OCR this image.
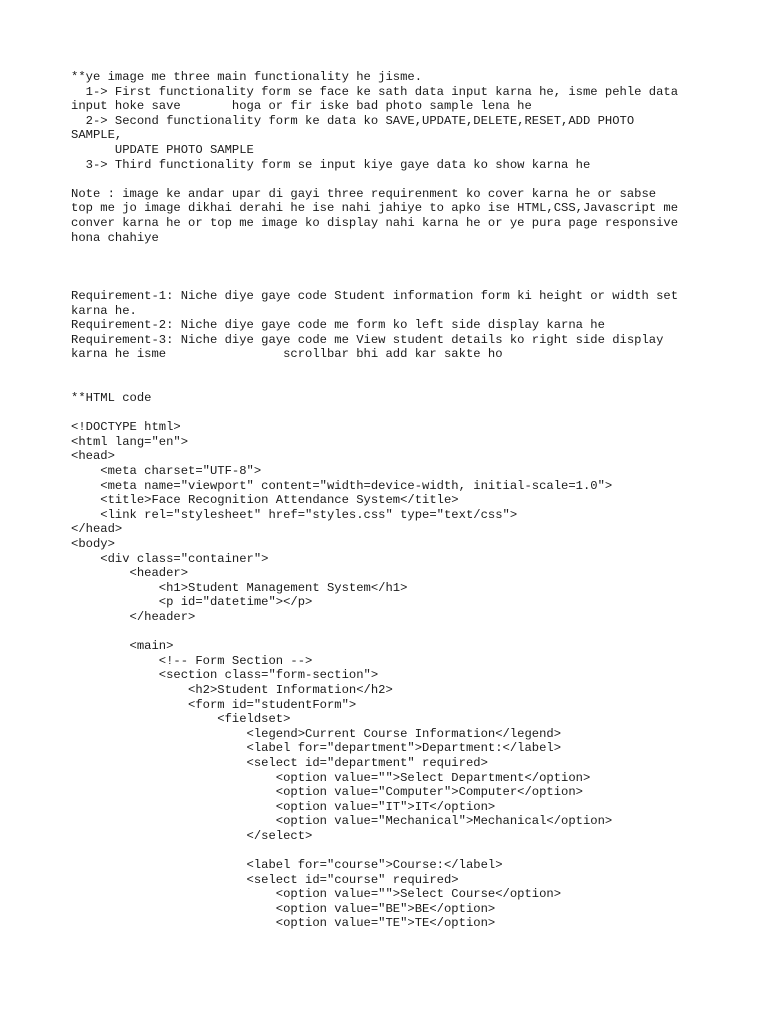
**ye image me three main functionality he jisme.
1-> First functionality form se face ke sath data input karna he, isme pehle data
input hoke save       hoga or fir iske bad photo sample lena he
2-> Second functionality form ke data ko SAVE,UPDATE,DELETE,RESET,ADD PHOTO
SAMPLE,
UPDATE PHOTO SAMPLE
3-> Third functionality form se input kiye gaye data ko show karna he
Note : image ke andar upar di gayi three requirenment ko cover karna he or sabse
top me jo image dikhai derahi he ise nahi jahiye to apko ise HTML,CSS,Javascript me
conver karna he or top me image ko display nahi karna he or ye pura page responsive
hona chahiye
Requirement-1: Niche diye gaye code Student information form ki height or width set
karna he.
Requirement-2: Niche diye gaye code me form ko left side display karna he
Requirement-3: Niche diye gaye code me View student details ko right side display
karna he isme                scrollbar bhi add kar sakte ho
**HTML code
<!DOCTYPE html>
<html lang="en">
<head>
<meta charset="UTF-8">
<meta name="viewport" content="width=device-width, initial-scale=1.0">
<title>Face Recognition Attendance System</title>
<link rel="stylesheet" href="styles.css" type="text/css">
</head>
<body>
<div class="container">
<header>
<h1>Student Management System</h1>
<p id="datetime"></p>
</header>
<main>
<!-- Form Section -->
<section class="form-section">
<h2>Student Information</h2>
<form id="studentForm">
<fieldset>
<legend>Current Course Information</legend>
<label for="department">Department:</label>
<select id="department" required>
<option value="">Select Department</option>
<option value="Computer">Computer</option>
<option value="IT">IT</option>
<option value="Mechanical">Mechanical</option>
</select>
<label for="course">Course:</label>
<select id="course" required>
<option value="">Select Course</option>
<option value="BE">BE</option>
<option value="TE">TE</option>
